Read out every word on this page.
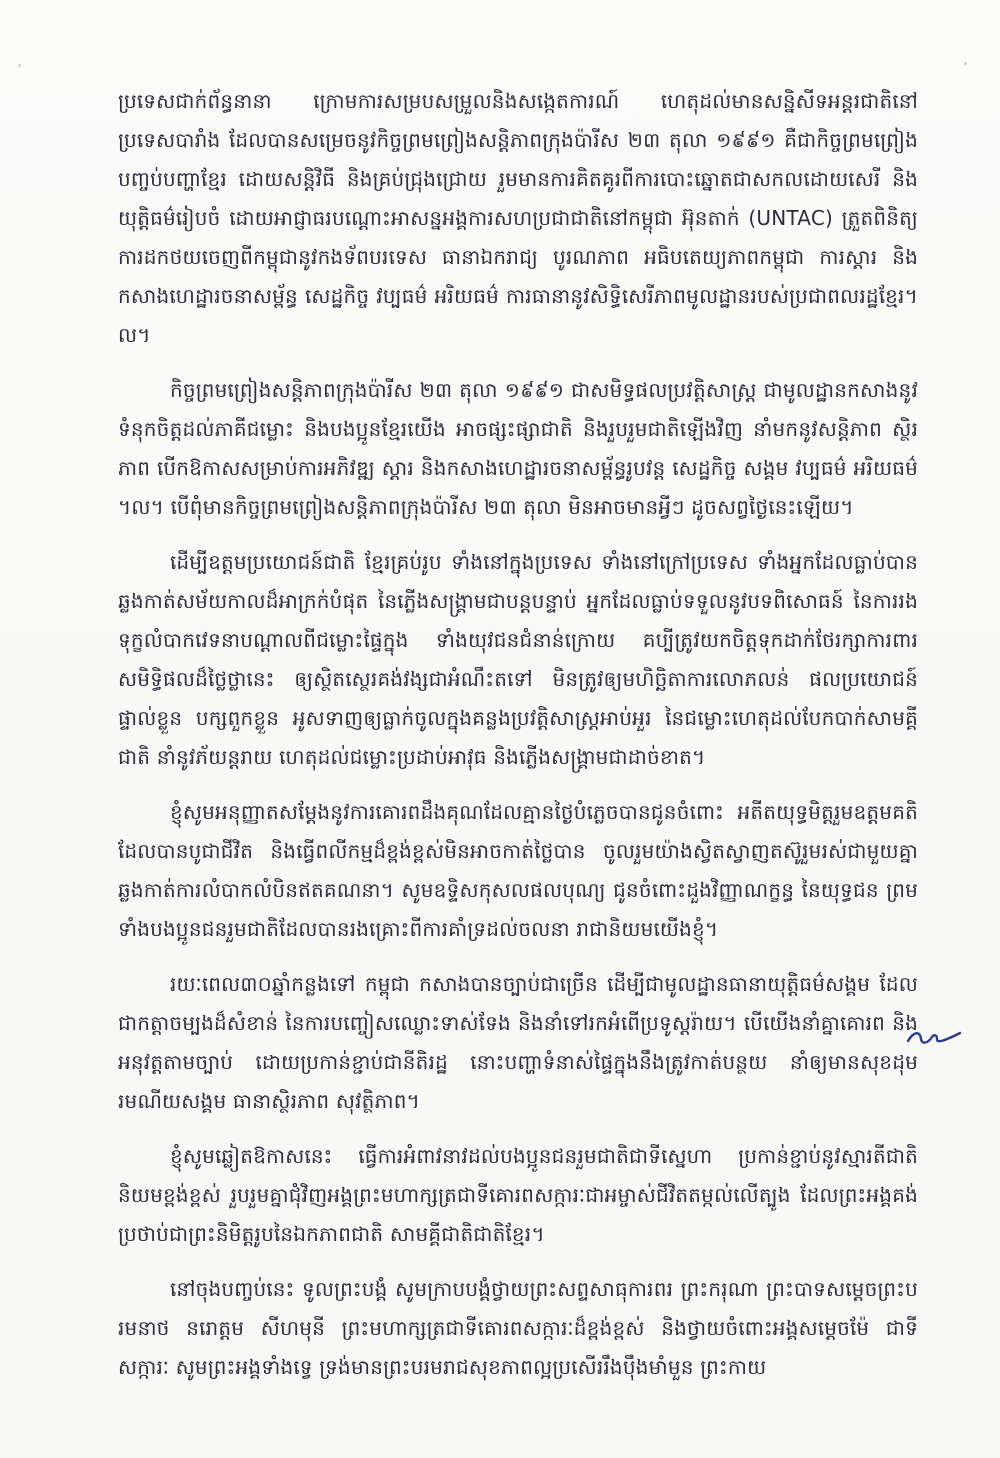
ប្រទេសជាក់ព័ន្ធនានា ក្រោមការសម្របសម្រួលនិងសង្កេតការណ៍ ហេតុដល់មានសន្និសីទអន្តរជាតិនៅប្រទេសបារាំង ដែលបានសម្រេចនូវកិច្ចព្រមព្រៀងសន្តិភាពក្រុងប៉ារីស ២៣ តុលា ១៩៩១ គឺជាកិច្ចព្រមព្រៀងបញ្ចប់បញ្ហាខ្មែរ ដោយសន្តិវិធី និងគ្រប់ជ្រុងជ្រោយ រួមមានការគិតគូរពីការបោះឆ្នោតជាសកលដោយសេរី និងយុត្តិធម៌រៀបចំ ដោយអាជ្ញាធរបណ្ដោះអាសន្នអង្គការសហប្រជាជាតិនៅកម្ពុជា អ៊ុនតាក់ (UNTAC) ត្រួតពិនិត្យការដកថយចេញពីកម្ពុជានូវកងទ័ពបរទេស ធានាឯករាជ្យ បូរណភាព អធិបតេយ្យភាពកម្ពុជា ការស្តារ និងកសាងហេដ្ឋារចនាសម្ព័ន្ធ សេដ្ឋកិច្ច វប្បធម៌ អរិយធម៌ ការធានានូវសិទ្ធិសេរីភាពមូលដ្ឋានរបស់ប្រជាពលរដ្ឋខ្មែរ។ល។

កិច្ចព្រមព្រៀងសន្តិភាពក្រុងប៉ារីស ២៣ តុលា ១៩៩១ ជាសមិទ្ធផលប្រវត្តិសាស្ត្រ ជាមូលដ្ឋានកសាងនូវទំនុកចិត្តដល់ភាគីជម្លោះ និងបងប្អូនខ្មែរយើង អាចផ្សះផ្សាជាតិ និងរួបរួមជាតិឡើងវិញ នាំមកនូវសន្តិភាព ស្ថិរភាព បើកឱកាសសម្រាប់ការអភិវឌ្ឍ ស្តារ និងកសាងហេដ្ឋារចនាសម្ព័ន្ធរូបវន្ត សេដ្ឋកិច្ច សង្គម វប្បធម៌ អរិយធម៌ ។ល។ បើពុំមានកិច្ចព្រមព្រៀងសន្តិភាពក្រុងប៉ារីស ២៣ តុលា មិនអាចមានអ្វីៗ ដូចសព្វថ្ងៃនេះឡើយ។

ដើម្បីឧត្តមប្រយោជន៍ជាតិ ខ្មែរគ្រប់រូប ទាំងនៅក្នុងប្រទេស ទាំងនៅក្រៅប្រទេស ទាំងអ្នកដែលធ្លាប់បានឆ្លងកាត់សម័យកាលដ៏អាក្រក់បំផុត នៃភ្លើងសង្គ្រាមជាបន្តបន្ទាប់ អ្នកដែលធ្លាប់ទទួលនូវបទពិសោធន៍ នៃការរងទុក្ខលំបាកវេទនាបណ្ដាលពីជម្លោះផ្ទៃក្នុង ទាំងយុវជនជំនាន់ក្រោយ គប្បីត្រូវយកចិត្តទុកដាក់ថែរក្សាការពារ សមិទ្ធិផលដ៏ថ្លៃថ្លានេះ ឲ្យស្ថិតស្ថេរគង់វង្សជាអំណឹះតទៅ មិនត្រូវឲ្យមហិច្ឆិតាការលោភលន់ ផលប្រយោជន៍ ផ្ទាល់ខ្លួន បក្សពួកខ្លួន អូសទាញឲ្យធ្លាក់ចូលក្នុងគន្លងប្រវត្តិសាស្ត្រអាប់អួរ នៃជម្លោះហេតុដល់បែកបាក់សាមគ្គីជាតិ នាំនូវភ័យន្តរាយ ហេតុដល់ជម្លោះប្រដាប់អាវុធ និងភ្លើងសង្គ្រាមជាដាច់ខាត។

ខ្ញុំសូមអនុញ្ញាតសម្តែងនូវការគោរពដឹងគុណដែលគ្មានថ្ងៃបំភ្លេចបានជូនចំពោះ អតីតយុទ្ធមិត្តរួមឧត្តមគតិ ដែលបានបូជាជីវិត និងធ្វើពលីកម្មដ៏ខ្ពង់ខ្ពស់មិនអាចកាត់ថ្លៃបាន ចូលរួមយ៉ាងស្វិតស្វាញតស៊ូរួមរស់ជាមួយគ្នាឆ្លងកាត់ការលំបាកលំបិនឥតគណនា។ សូមឧទ្ទិសកុសលផលបុណ្យ ជូនចំពោះដួងវិញ្ញាណក្ខន្ធ នៃយុទ្ធជន ព្រមទាំងបងប្អូនជនរួមជាតិដែលបានរងគ្រោះពីការគាំទ្រដល់ចលនា រាជានិយមយើងខ្ញុំ។

រយៈពេល៣០ឆ្នាំកន្លងទៅ កម្ពុជា កសាងបានច្បាប់ជាច្រើន ដើម្បីជាមូលដ្ឋានធានាយុត្តិធម៌សង្គម ដែលជាកត្តាចម្បងដ៏សំខាន់ នៃការបញ្ចៀសឈ្លោះទាស់ទែង និងនាំទៅរកអំពើប្រទូស្តរ៉ាយ។ បើយើងនាំគ្នាគោរព និងអនុវត្តតាមច្បាប់ ដោយប្រកាន់ខ្ជាប់ជានីតិរដ្ឋ នោះបញ្ហាទំនាស់ផ្ទៃក្នុងនឹងត្រូវកាត់បន្ថយ នាំឲ្យមានសុខដុម រមណីយសង្គម ធានាស្ថិរភាព សុវត្ថិភាព។

ខ្ញុំសូមឆ្លៀតឱកាសនេះ ធ្វើការអំពាវនាវដល់បងប្អូនជនរួមជាតិជាទីស្នេហា ប្រកាន់ខ្ជាប់នូវស្មារតីជាតិនិយមខ្ពង់ខ្ពស់ រួបរួមគ្នាជុំវិញអង្គព្រះមហាក្សត្រជាទីគោរពសក្ការៈជាអម្ចាស់ជីវិតតម្កល់លើត្បូង ដែលព្រះអង្គគង់ប្រថាប់ជាព្រះនិមិត្តរូបនៃឯកភាពជាតិ សាមគ្គីជាតិជាតិខ្មែរ។

នៅចុងបញ្ចប់នេះ ទូលព្រះបង្គំ សូមក្រាបបង្គំថ្វាយព្រះសព្ទសាធុការពរ ព្រះករុណា ព្រះបាទសម្តេចព្រះបរមនាថ នរោត្តម សីហមុនី ព្រះមហាក្សត្រជាទីគោរពសក្ការៈដ៏ខ្ពង់ខ្ពស់ និងថ្វាយចំពោះអង្គសម្តេចម៉ែ ជាទីសក្ការៈ សូមព្រះអង្គទាំងទ្វេ ទ្រង់មានព្រះបរមរាជសុខភាពល្អប្រសើររឹងប៉ឹងមាំមួន ព្រះកាយ
